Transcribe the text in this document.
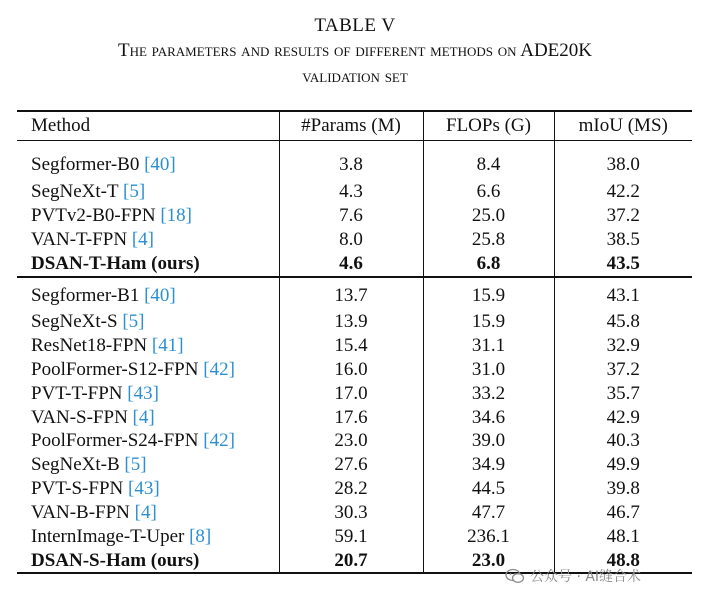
TABLE V
The parameters and results of different methods on ADE20K
validation set
Method	#Params (M)	FLOPs (G)	mIoU (MS)
Segformer-B0 [40]	3.8	8.4	38.0
SegNeXt-T [5]	4.3	6.6	42.2
PVTv2-B0-FPN [18]	7.6	25.0	37.2
VAN-T-FPN [4]	8.0	25.8	38.5
DSAN-T-Ham (ours)	4.6	6.8	43.5
Segformer-B1 [40]	13.7	15.9	43.1
SegNeXt-S [5]	13.9	15.9	45.8
ResNet18-FPN [41]	15.4	31.1	32.9
PoolFormer-S12-FPN [42]	16.0	31.0	37.2
PVT-T-FPN [43]	17.0	33.2	35.7
VAN-S-FPN [4]	17.6	34.6	42.9
PoolFormer-S24-FPN [42]	23.0	39.0	40.3
SegNeXt-B [5]	27.6	34.9	49.9
PVT-S-FPN [43]	28.2	44.5	39.8
VAN-B-FPN [4]	30.3	47.7	46.7
InternImage-T-Uper [8]	59.1	236.1	48.1
DSAN-S-Ham (ours)	20.7	23.0	48.8
公众号 · AI缝合术
